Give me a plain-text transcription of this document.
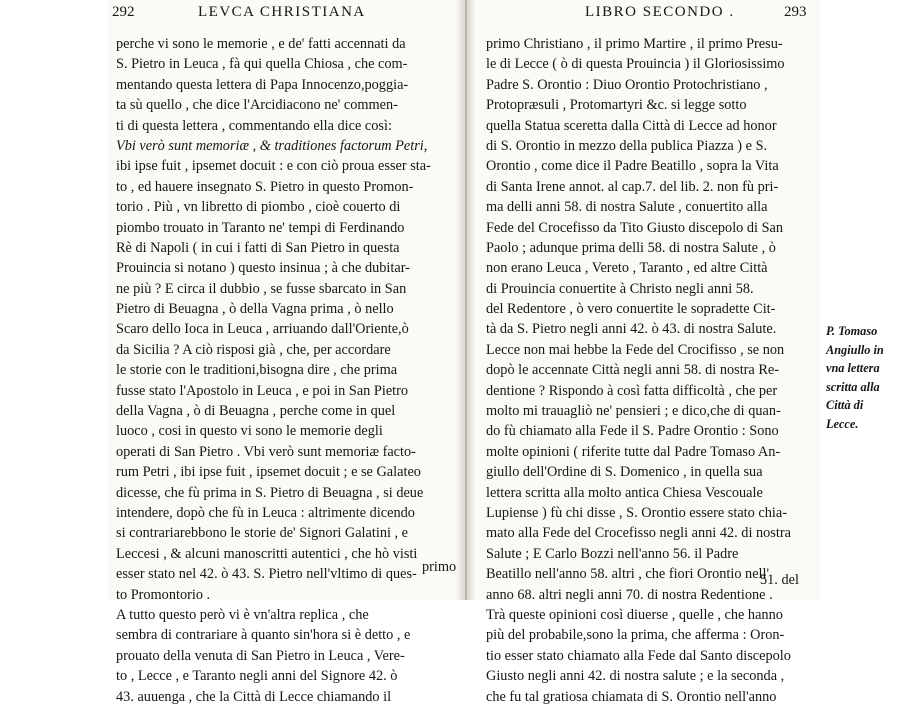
292	LEVCA CHRISTIANA	LIBRO SECONDO .	293
perche vi sono le memorie , e de' fatti accennati da
S. Pietro in Leuca , fà qui quella Chiosa , che com-
mentando questa lettera di Papa Innocenzo,poggia-
ta sù quello , che dice l'Arcidiacono ne' commen-
ti di questa lettera , commentando ella dice così:
Vbi verò sunt memoriæ , & traditiones factorum Petri,
ibi ipse fuit , ipsemet docuit : e con ciò proua esser sta-
to , ed hauere insegnato S. Pietro in questo Promon-
torio . Più , vn libretto di piombo , cioè couerto di
piombo trouato in Taranto ne' tempi di Ferdinando
Rè di Napoli ( in cui i fatti di San Pietro in questa
Prouincia si notano ) questo insinua ; à che dubitar-
ne più ? E circa il dubbio , se fusse sbarcato in San
Pietro di Beuagna , ò della Vagna prima , ò nello
Scaro dello Ioca in Leuca , arriuando dall'Oriente,ò
da Sicilia ? A ciò risposi già , che, per accordare
le storie con le traditioni,bisogna dire , che prima
fusse stato l'Apostolo in Leuca , e poi in San Pietro
della Vagna , ò di Beuagna , perche come in quel
luoco , cosi in questo vi sono le memorie degli
operati di San Pietro . Vbi verò sunt memoriæ facto-
rum Petri , ibi ipse fuit , ipsemet docuit ; e se Galateo
dicesse, che fù prima in S. Pietro di Beuagna , si deue
intendere, dopò che fù in Leuca : altrimente dicendo
si contrariarebbono le storie de' Signori Galatini , e
Leccesi , & alcuni manoscritti autentici , che hò visti
esser stato nel 42. ò 43. S. Pietro nell'vltimo di ques-
to Promontorio .
A tutto questo però vi è vn'altra replica , che
sembra di contrariare à quanto sin'hora si è detto , e
prouato della venuta di San Pietro in Leuca , Vere-
to , Lecce , e Taranto negli anni del Signore 42. ò
43. auuenga , che la Città di Lecce chiamando il
primo
primo Christiano , il primo Martire , il primo Presu-
le di Lecce ( ò di questa Prouincia ) il Gloriosissimo
Padre S. Orontio : Diuo Orontio Protochristiano ,
Protopræsuli , Protomartyri &c. si legge sotto
quella Statua sceretta dalla Città di Lecce ad honor
di S. Orontio in mezzo della publica Piazza ) e S.
Orontio , come dice il Padre Beatillo , sopra la Vita
di Santa Irene annot. al cap.7. del lib. 2. non fù pri-
ma delli anni 58. di nostra Salute , conuertito alla
Fede del Crocefisso da Tito Giusto discepolo di San
Paolo ; adunque prima delli 58. di nostra Salute , ò
non erano Leuca , Vereto , Taranto , ed altre Città
di Prouincia conuertite à Christo negli anni 58.
del Redentore , ò vero conuertite le sopradette Cit-
tà da S. Pietro negli anni 42. ò 43. di nostra Salute.
Lecce non mai hebbe la Fede del Crocifisso , se non
dopò le accennate Città negli anni 58. di nostra Re-
dentione ? Rispondo à così fatta difficoltà , che per
molto mi trauagliò ne' pensieri ; e dico,che di quan-
do fù chiamato alla Fede il S. Padre Orontio : Sono
molte opinioni ( riferite tutte dal Padre Tomaso An-
giullo dell'Ordine di S. Domenico , in quella sua
lettera scritta alla molto antica Chiesa Vescouale
Lupiense ) fù chi disse , S. Orontio essere stato chia-
mato alla Fede del Crocefisso negli anni 42. di nostra
Salute ; E Carlo Bozzi nell'anno 56. il Padre
Beatillo nell'anno 58. altri , che fiori Orontio nell'
anno 68. altri negli anni 70. di nostra Redentione .
Trà queste opinioni così diuerse , quelle , che hanno
più del probabile,sono la prima, che afferma : Oron-
tio esser stato chiamato alla Fede dal Santo discepolo
Giusto negli anni 42. di nostra salute ; e la seconda ,
che fu tal gratiosa chiamata di S. Orontio nell'anno
51. del
P. Tomaso
Angiullo in
vna lettera
scritta alla
Città di
Lecce.
